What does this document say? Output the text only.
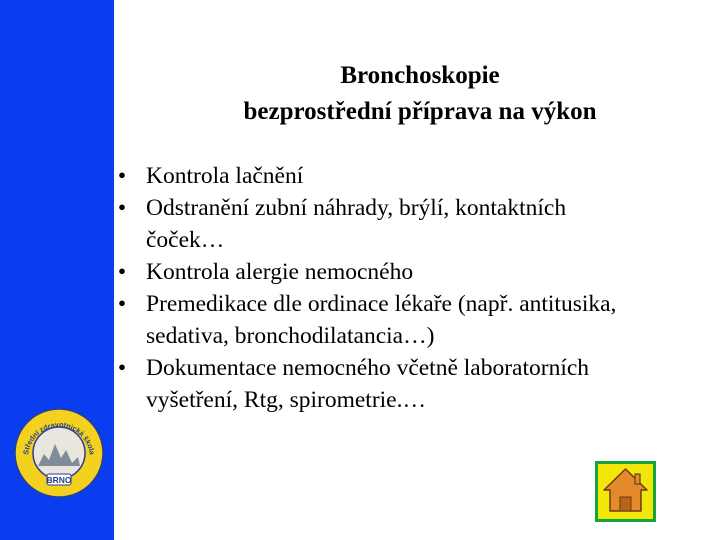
Střední zdravotnická škola
BRNO
Bronchoskopie
bezprostřední příprava na výkon
• Kontrola lačnění
• Odstranění zubní náhrady, brýlí, kontaktních
čoček…
• Kontrola alergie nemocného
• Premedikace dle ordinace lékaře (např. antitusika,
sedativa, bronchodilatancia…)
• Dokumentace nemocného včetně laboratorních
vyšetření, Rtg, spirometrie.…
